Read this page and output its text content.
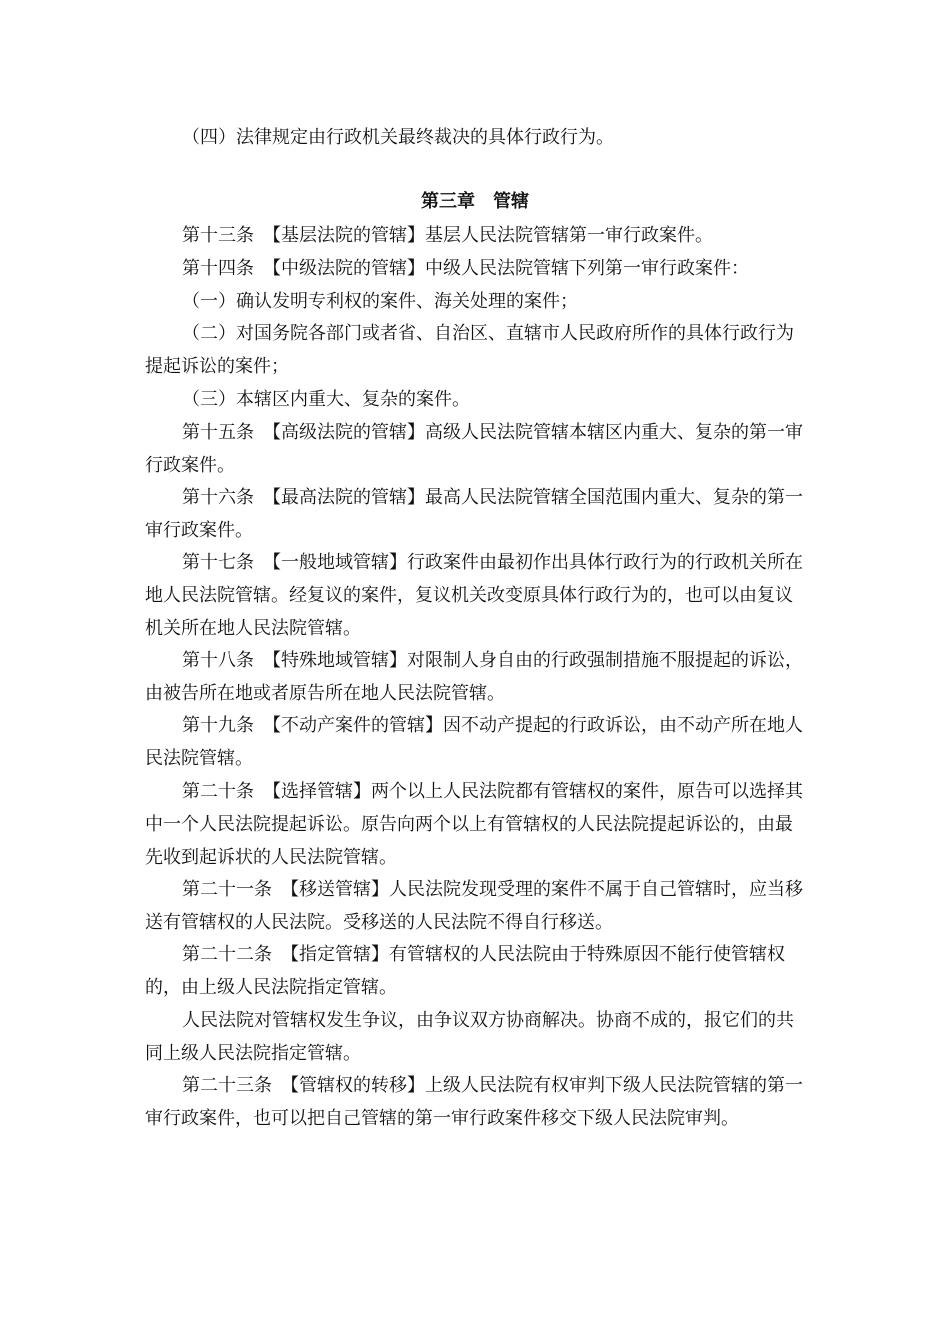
（四）法律规定由行政机关最终裁决的具体行政行为。

第三章　管辖

第十三条　【基层法院的管辖】基层人民法院管辖第一审行政案件。

第十四条　【中级法院的管辖】中级人民法院管辖下列第一审行政案件：

（一）确认发明专利权的案件、海关处理的案件；

（二）对国务院各部门或者省、自治区、直辖市人民政府所作的具体行政行为提起诉讼的案件；

（三）本辖区内重大、复杂的案件。

第十五条　【高级法院的管辖】高级人民法院管辖本辖区内重大、复杂的第一审行政案件。

第十六条　【最高法院的管辖】最高人民法院管辖全国范围内重大、复杂的第一审行政案件。

第十七条　【一般地域管辖】行政案件由最初作出具体行政行为的行政机关所在地人民法院管辖。经复议的案件，复议机关改变原具体行政行为的，也可以由复议机关所在地人民法院管辖。

第十八条　【特殊地域管辖】对限制人身自由的行政强制措施不服提起的诉讼，由被告所在地或者原告所在地人民法院管辖。

第十九条　【不动产案件的管辖】因不动产提起的行政诉讼，由不动产所在地人民法院管辖。

第二十条　【选择管辖】两个以上人民法院都有管辖权的案件，原告可以选择其中一个人民法院提起诉讼。原告向两个以上有管辖权的人民法院提起诉讼的，由最先收到起诉状的人民法院管辖。

第二十一条　【移送管辖】人民法院发现受理的案件不属于自己管辖时，应当移送有管辖权的人民法院。受移送的人民法院不得自行移送。

第二十二条　【指定管辖】有管辖权的人民法院由于特殊原因不能行使管辖权的，由上级人民法院指定管辖。

人民法院对管辖权发生争议，由争议双方协商解决。协商不成的，报它们的共同上级人民法院指定管辖。

第二十三条　【管辖权的转移】上级人民法院有权审判下级人民法院管辖的第一审行政案件，也可以把自己管辖的第一审行政案件移交下级人民法院审判。
